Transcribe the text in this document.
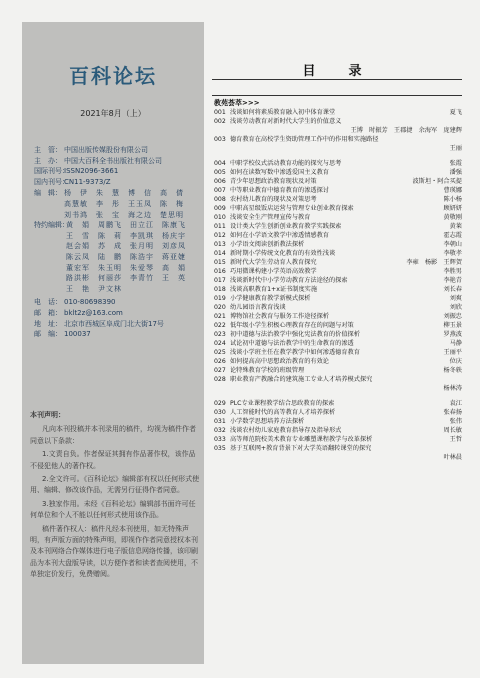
百科论坛
2021年8月（上）
主　管： 中国出版传媒股份有限公司
主　办： 中国大百科全书出版社有限公司
国际刊号：ISSN2096-3661
国内刊号：CN11-9373/Z
编　辑： 杨　伊　朱　慧　博　信　高　倩
高慧敏　李　彤　王玉凤　陈　梅
刘书鸿　张　宝　海之边　楚思明
特约编辑：黄　娟　周鹏飞　田立江　陈康飞
王　雪　陈　莉　李凯琪　杨庆宇
赵会娟　苏　成　张月明　刘彦凤
陈云凤　陆　鹏　陈浩宇　蒋亚婕
董宏军　朱玉明　朱爱琴　高　娟
路洪彬　何丽莎　李青竹　王　英
王　艳　尹文林
电　话： 010-80698390
邮　箱： bklt2z@163.com
地　址： 北京市西城区阜成门北大街17号
邮　编： 100037

本刊声明：

凡向本刊投稿并本刊录用的稿件，均视为稿件作者同意以下条款：

1.文责自负。作者保证其拥有作品著作权，该作品不侵犯他人的著作权。

2.全文许可。《百科论坛》编辑部有权以任何形式使用、编辑、修改该作品，无需另行征得作者同意。

3.独家作用。未经《百科论坛》编辑部书面许可任何单位和个人不能以任何形式使用该作品。

稿件著作权人：稿件凡经本刊使用，如无特殊声明，有声版方面的特殊声明，即视作作者同意授权本刊及本刊网络合作媒体进行电子版信息网络传播，该印刷品为本刊大盘版导读，以方便作者和读者查阅使用，不单独定价发行，免费赠阅。

目　录
教苑荟萃>>>
001 浅谈如何将素质教育融入初中体育课堂	夏飞
002 浅谈劳动教育对新时代大学生的价值意义
王博　时振芳　王郡捷　余海军　庞建辉
003 德育教育在高校学生资助管理工作中的作用和实施路径
王丽
004 中职学校仪式活动教育功能的探究与思考	张霞
005 如何在读数写数中渗透爱国主义教育	潘强
006 青少年思想政治教育现状及对策	波斯坦・阿合买提
007 中等职业教育中德育教育的渗透探讨	曹瑛娜
008 农村幼儿教育的现状及对策思考	陈小杨
009 中职高星级饭店运营与管理专业创业教育探索	顾妍妍
010 浅谈安全生产管理宣传与教育	黄敬刚
011 设计类大学生创新创业教育教学实践探索	黄莱
012 如何在小学语文教学中渗透情感教育	霍志霞
013 小学语文阅读创新教法探析	李朝山
014 新时期小学传统文化教育的有效性浅谈	李敬孝
015 新时代大学生劳动育人教育探究	李雍　杨影　王辉贺
016 巧用微课构建小学英语高效教学	李胜男
017 浅谈新时代中小学劳动教育方法途径的探索	李艳青
018 浅谈高职教育1+x证书制度实施	刘长春
019 小学健康教育教学新模式探析	刘爽
020 幼儿园语言教育浅谈	刘欣
021 博物馆社会教育与服务工作途径探析	刘振忠
022 低年级小学生积极心理教育存在的问题与对策	柳玉景
023 初中道德与法治教学中强化宪法教育的价值探析	罗燕波
024 试论初中道德与法治教学中的生命教育的渗透	马静
025 浅谈小学班主任在教学教学中如何渗透德育教育	王丽平
026 如何提高高中思想政治教育的有效论	位庆
027 论特殊教育学校的班级管理	杨冬轶
028 职业教育产教融合的建筑施工专业人才培养模式探究
杨林涛
029 PLC专业课程教学结合思政教育的探索	袁江
030 人工智能时代的高等教育人才培养探析	张春扬
031 小学数学思想培养方法探析	张伟
032 浅谈农村幼儿家庭教育指导存及指导形式	周长敏
033 高等师范院校美术教育专业雕塑课程教学与改革探析	王哲
035 基于互联网+教育背景下对大学英语翻转课堂的探究
叶林晨
